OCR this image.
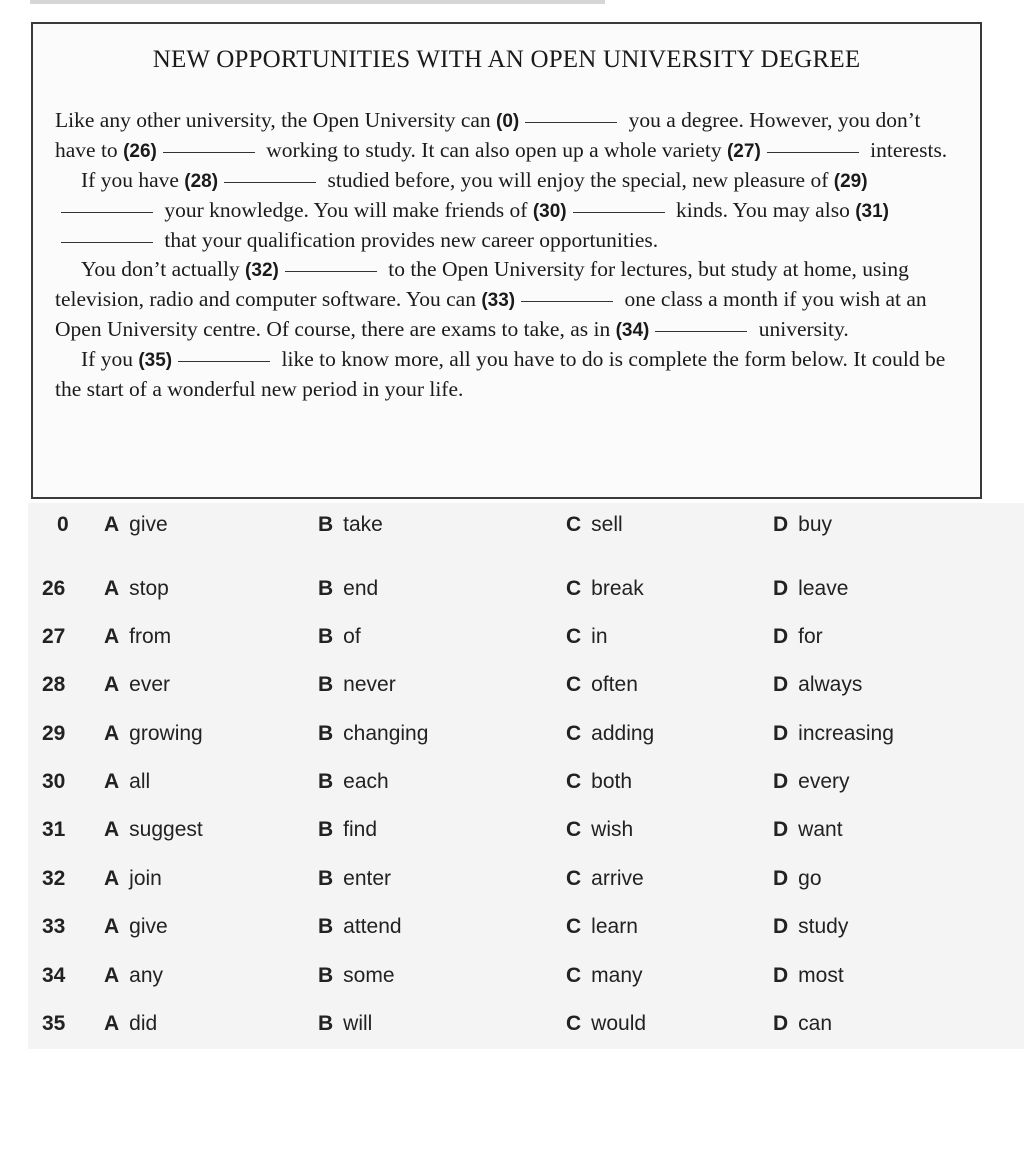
NEW OPPORTUNITIES WITH AN OPEN UNIVERSITY DEGREE

Like any other university, the Open University can (0)	you a degree. However, you don’t have to (26)	working to study. It can also open up a whole variety (27)	interests.

If you have (28)	studied before, you will enjoy the special, new pleasure of (29) your knowledge. You will make friends of (30)	kinds. You may also (31) that your qualification provides new career opportunities.

You don’t actually (32)	to the Open University for lectures, but study at home, using television, radio and computer software. You can (33)	one class a month if you wish at an Open University centre. Of course, there are exams to take, as in (34)	university.

If you (35)	like to know more, all you have to do is complete the form below. It could be the start of a wonderful new period in your life.

0	A give	B take	C sell	D buy
26	A stop	B end	C break	D leave
27	A from	B of	C in	D for
28	A ever	B never	C often	D always
29	A growing	B changing	C adding	D increasing
30	A all	B each	C both	D every
31	A suggest	B find	C wish	D want
32	A join	B enter	C arrive	D go
33	A give	B attend	C learn	D study
34	A any	B some	C many	D most
35	A did	B will	C would	D can
